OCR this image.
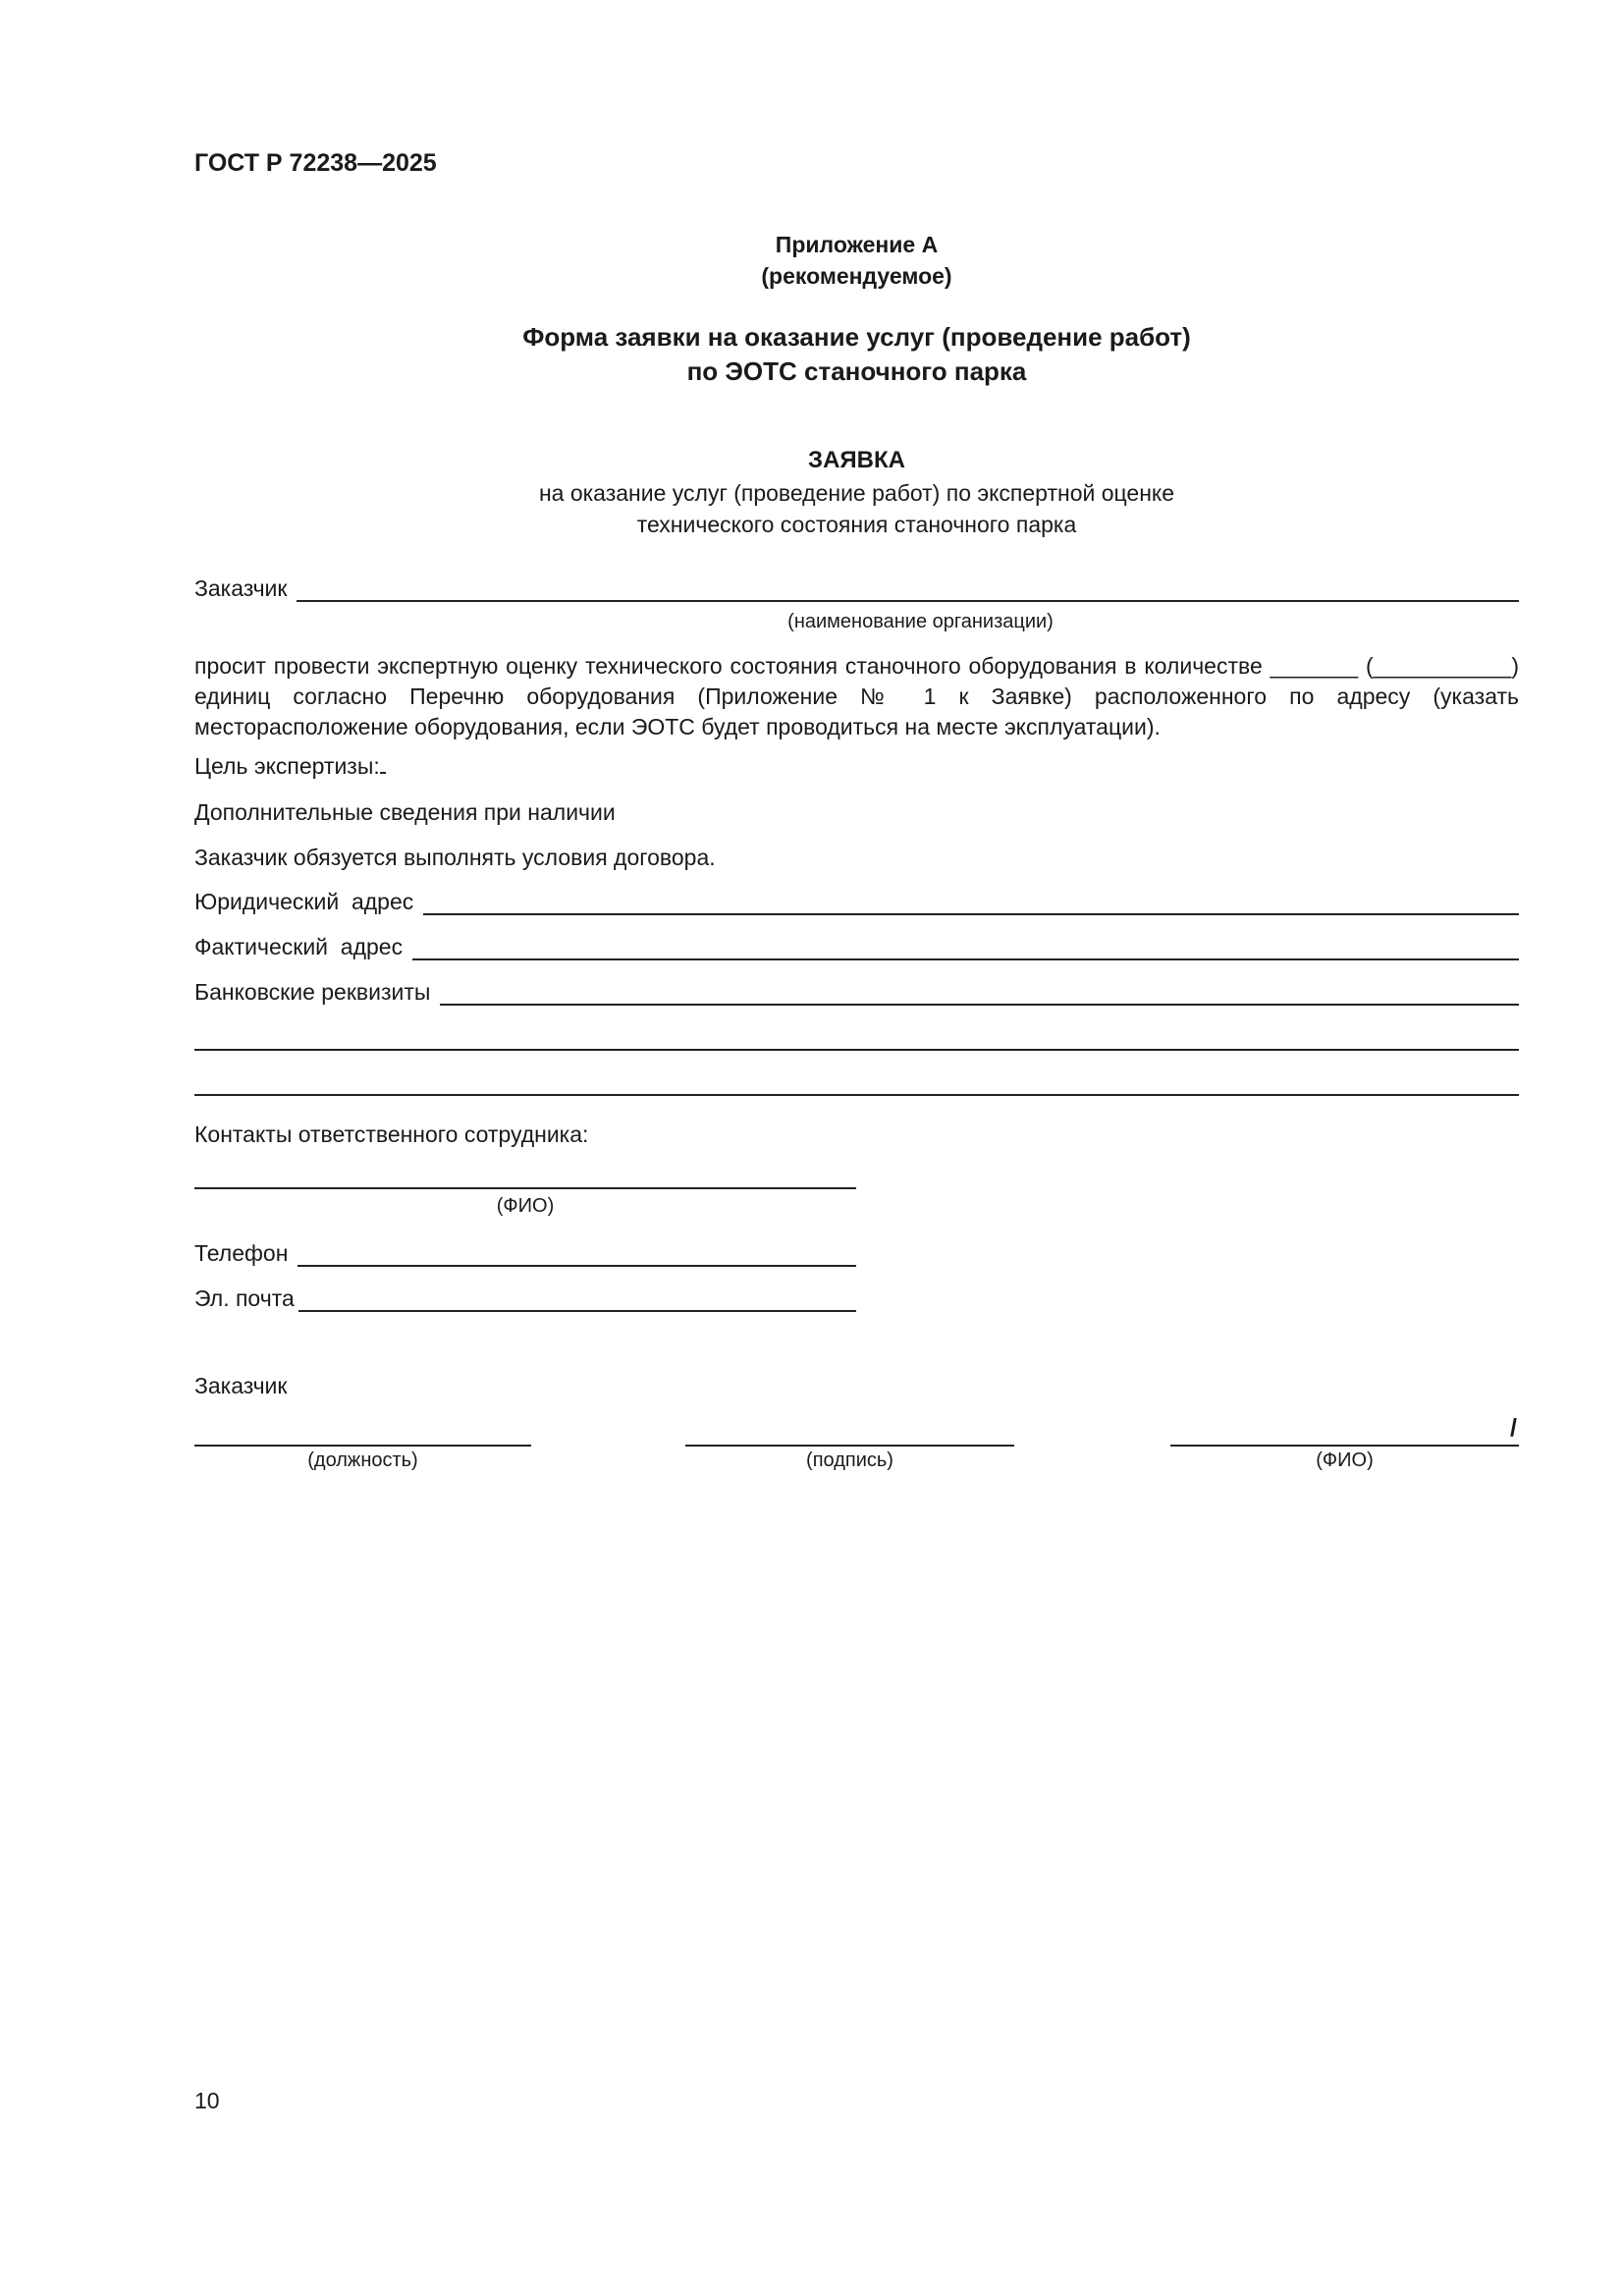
ГОСТ Р 72238—2025
Приложение А
(рекомендуемое)
Форма заявки на оказание услуг (проведение работ)
по ЭОТС станочного парка
ЗАЯВКА
на оказание услуг (проведение работ) по экспертной оценке
технического состояния станочного парка
Заказчик
(наименование организации)
просит провести экспертную оценку технического состояния станочного оборудования в количестве _______ (___________) единиц согласно Перечню оборудования (Приложение № 1 к Заявке) расположенного по адресу (указать месторасположение оборудования, если ЭОТС будет проводиться на месте эксплуатации).
Цель экспертизы:
Дополнительные сведения при наличии
Заказчик обязуется выполнять условия договора.
Юридический  адрес
Фактический  адрес
Банковские реквизиты
Контакты ответственного сотрудника:
(ФИО)
Телефон
Эл. почта
Заказчик
(должность)	(подпись)
/
(ФИО)
10
